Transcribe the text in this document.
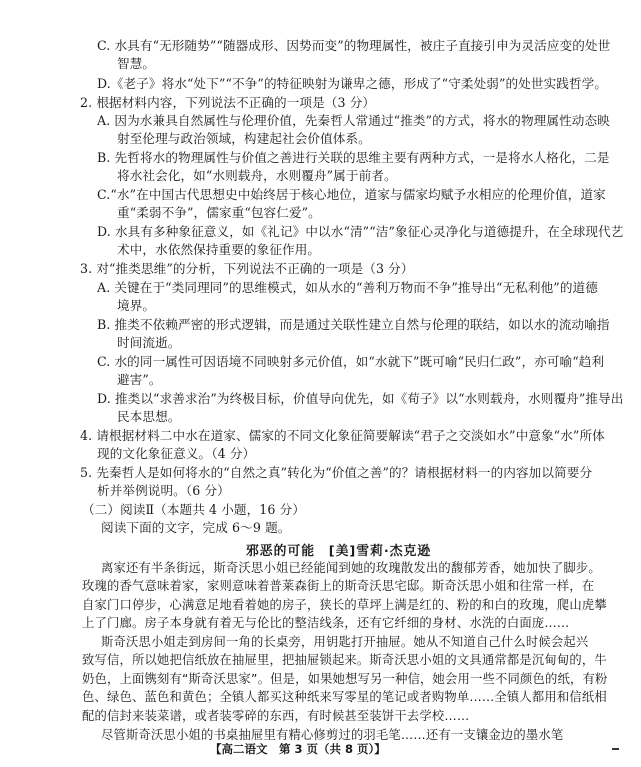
C. 水具有“无形随势”“随器成形、因势而变”的物理属性，被庄子直接引申为灵活应变的处世
智慧。
D.《老子》将水“处下”“不争”的特征映射为谦卑之德，形成了“守柔处弱”的处世实践哲学。
2. 根据材料内容，下列说法不正确的一项是（3 分）
A. 因为水兼具自然属性与伦理价值，先秦哲人常通过“推类”的方式，将水的物理属性动态映
射至伦理与政治领域，构建起社会价值体系。
B. 先哲将水的物理属性与价值之善进行关联的思维主要有两种方式，一是将水人格化，二是
将水社会化，如“水则载舟，水则覆舟”属于前者。
C.“水”在中国古代思想史中始终居于核心地位，道家与儒家均赋予水相应的伦理价值，道家
重“柔弱不争”，儒家重“包容仁爱”。
D. 水具有多种象征意义，如《礼记》中以水“清”“洁”象征心灵净化与道德提升，在全球现代艺
术中，水依然保持重要的象征作用。
3. 对“推类思维”的分析，下列说法不正确的一项是（3 分）
A. 关键在于“类同理同”的思维模式，如从水的“善利万物而不争”推导出“无私利他”的道德
境界。
B. 推类不依赖严密的形式逻辑，而是通过关联性建立自然与伦理的联结，如以水的流动喻指
时间流逝。
C. 水的同一属性可因语境不同映射多元价值，如“水就下”既可喻“民归仁政”，亦可喻“趋利
避害”。
D. 推类以“求善求治”为终极目标，价值导向优先，如《荀子》以“水则载舟，水则覆舟”推导出
民本思想。
4. 请根据材料二中水在道家、儒家的不同文化象征简要解读“君子之交淡如水”中意象“水”所体
现的文化象征意义。（4 分）
5. 先秦哲人是如何将水的“自然之真”转化为“价值之善”的？请根据材料一的内容加以简要分
析并举例说明。（6 分）
（二）阅读Ⅱ（本题共 4 小题，16 分）
阅读下面的文字，完成 6～9 题。
邪恶的可能　[美]雪莉·杰克逊
离家还有半条街远，斯奇沃思小姐已经能闻到她的玫瑰散发出的馥郁芳香，她加快了脚步。
玫瑰的香气意味着家，家则意味着普莱森街上的斯奇沃思宅邸。斯奇沃思小姐和往常一样，在
自家门口停步，心满意足地看着她的房子，狭长的草坪上满是红的、粉的和白的玫瑰，爬山虎攀
上了门廊。房子本身就有着无与伦比的整洁线条，还有它纤细的身材、水洗的白面庞……
斯奇沃思小姐走到房间一角的长桌旁，用钥匙打开抽屉。她从不知道自己什么时候会起兴
致写信，所以她把信纸放在抽屉里，把抽屉锁起来。斯奇沃思小姐的文具通常都是沉甸甸的，牛
奶色，上面镌刻有“斯奇沃思家”。但是，如果她想写另一种信，她会用一些不同颜色的纸，有粉
色、绿色、蓝色和黄色；全镇人都买这种纸来写零星的笔记或者购物单……全镇人都用和信纸相
配的信封来装菜谱，或者装零碎的东西，有时候甚至装饼干去学校……
尽管斯奇沃思小姐的书桌抽屉里有精心修剪过的羽毛笔……还有一支镶金边的墨水笔
【高二语文　第 3 页（共 8 页）】
